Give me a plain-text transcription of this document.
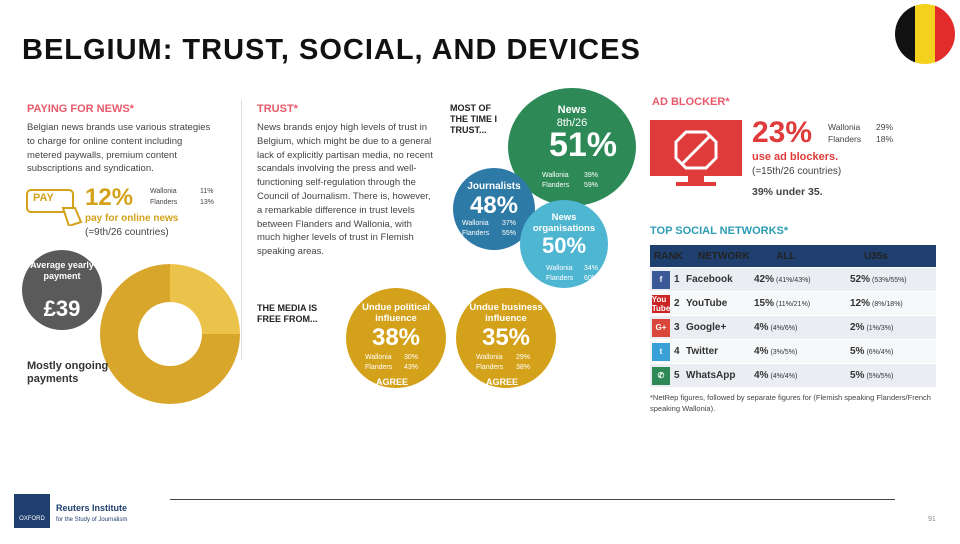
BELGIUM: TRUST, SOCIAL, AND DEVICES
PAYING FOR NEWS*
Belgian news brands use various strategies to charge for online content including metered paywalls, premium content subscriptions and syndication.
PAY 12% Wallonia	11%
Flanders	13%
pay for online news
(=9th/26 countries)
Average yearly payment
£39
Mostly ongoing payments
TRUST*
News brands enjoy high levels of trust in Belgium, which might be due to a general lack of explicitly partisan media, no recent scandals involving the press and well-functioning self-regulation through the Council of Journalism. There is, however, a remarkable difference in trust levels between Flanders and Wallonia, with much higher levels of trust in Flemish speaking areas.
MOST OF THE TIME I TRUST...
News
8th/26
51%
Wallonia 39%
Flanders 59%
Journalists
48%
Wallonia 37%
Flanders 55%
News organisations
50%
Wallonia 34%
Flanders 60%
THE MEDIA IS FREE FROM...
Undue political influence
38%
Wallonia 30%
Flanders 43%
AGREE
Undue business influence
35%
Wallonia 29%
Flanders 38%
AGREE
AD BLOCKER*
23% Wallonia 29%
Flanders 18%
use ad blockers.
(=15th/26 countries)
39% under 35.
TOP SOCIAL NETWORKS*
RANK	NETWORK	ALL	U35s
f	1 Facebook	42% (41%/43%)	52% (53%/55%)
You Tube 2 YouTube	15% (11%/21%)	12% (8%/18%)
G+ 3 Google+	4% (4%/6%)	2% (1%/3%)
t	4 Twitter	4% (3%/5%)	5% (6%/4%)
✆ 5 WhatsApp	4% (4%/4%)	5% (5%/5%)
*NetRep figures, followed by separate figures for (Flemish speaking Flanders/French speaking Wallonia).
OXFORD
Reuters Institute
for the Study of Journalism	91
